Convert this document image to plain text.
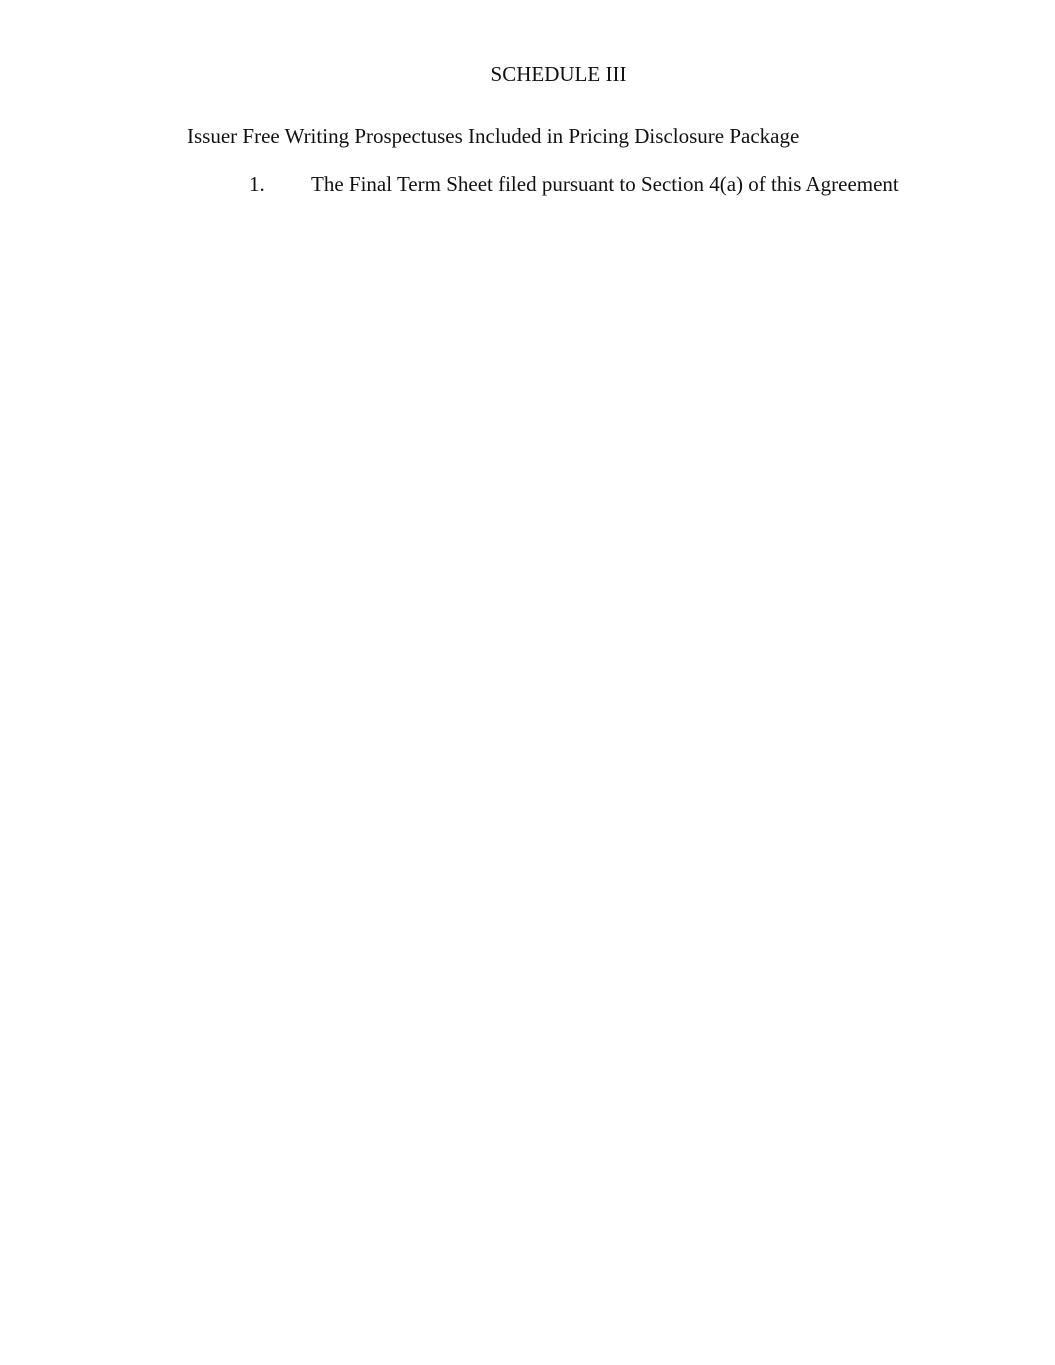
SCHEDULE III
Issuer Free Writing Prospectuses Included in Pricing Disclosure Package
1. The Final Term Sheet filed pursuant to Section 4(a) of this Agreement
